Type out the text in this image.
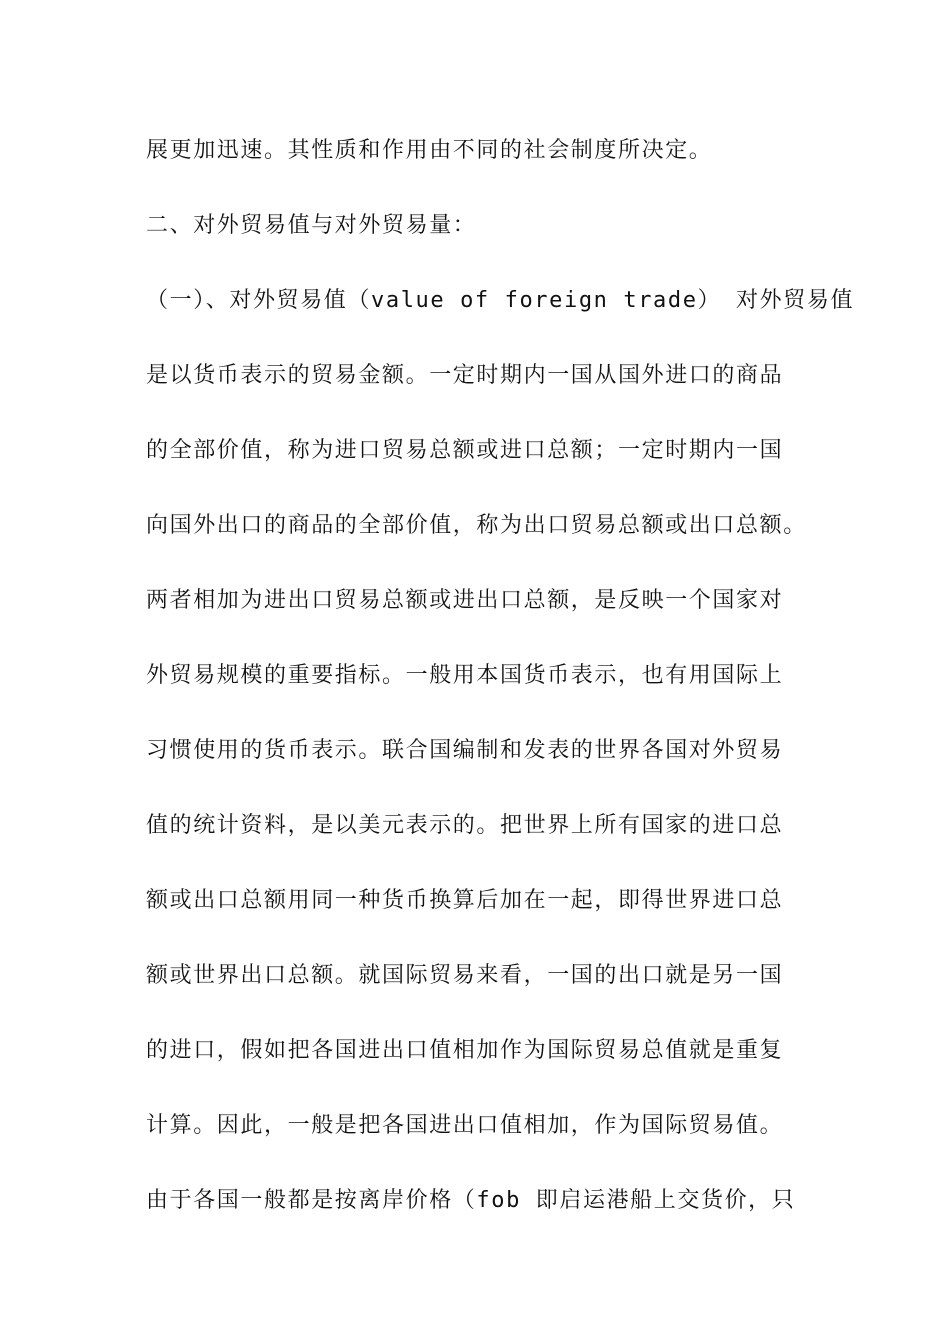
展更加迅速。其性质和作用由不同的社会制度所决定。
二、对外贸易值与对外贸易量：
（一）、对外贸易值（value of foreign trade） 对外贸易值
是以货币表示的贸易金额。一定时期内一国从国外进口的商品
的全部价值，称为进口贸易总额或进口总额；一定时期内一国
向国外出口的商品的全部价值，称为出口贸易总额或出口总额。
两者相加为进出口贸易总额或进出口总额，是反映一个国家对
外贸易规模的重要指标。一般用本国货币表示，也有用国际上
习惯使用的货币表示。联合国编制和发表的世界各国对外贸易
值的统计资料，是以美元表示的。把世界上所有国家的进口总
额或出口总额用同一种货币换算后加在一起，即得世界进口总
额或世界出口总额。就国际贸易来看，一国的出口就是另一国
的进口，假如把各国进出口值相加作为国际贸易总值就是重复
计算。因此，一般是把各国进出口值相加，作为国际贸易值。
由于各国一般都是按离岸价格（fob 即启运港船上交货价，只
